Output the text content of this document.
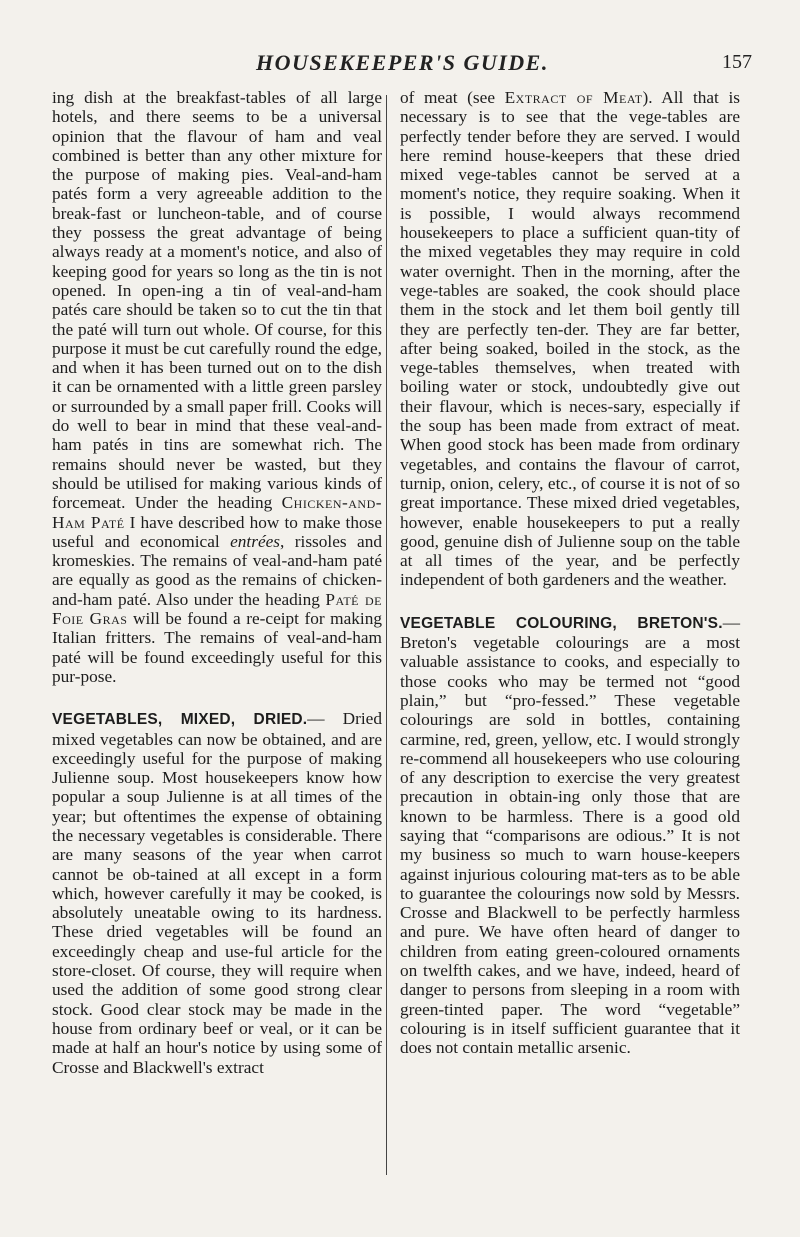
HOUSEKEEPER'S GUIDE.	157

ing dish at the breakfast-tables of all large hotels, and there seems to be a universal opinion that the flavour of ham and veal combined is better than any other mixture for the purpose of making pies. Veal-and-ham patés form a very agreeable addition to the break-fast or luncheon-table, and of course they possess the great advantage of being always ready at a moment's notice, and also of keeping good for years so long as the tin is not opened. In open-ing a tin of veal-and-ham patés care should be taken so to cut the tin that the paté will turn out whole. Of course, for this purpose it must be cut carefully round the edge, and when it has been turned out on to the dish it can be ornamented with a little green parsley or surrounded by a small paper frill. Cooks will do well to bear in mind that these veal-and-ham patés in tins are somewhat rich. The remains should never be wasted, but they should be utilised for making various kinds of forcemeat. Under the heading Chicken-and-Ham Paté I have described how to make those useful and economical entrées, rissoles and kromeskies. The remains of veal-and-ham paté are equally as good as the remains of chicken-and-ham paté. Also under the heading Paté de Foie Gras will be found a re-ceipt for making Italian fritters. The remains of veal-and-ham paté will be found exceedingly useful for this pur-pose.

VEGETABLES, MIXED, DRIED.— Dried mixed vegetables can now be obtained, and are exceedingly useful for the purpose of making Julienne soup. Most housekeepers know how popular a soup Julienne is at all times of the year; but oftentimes the expense of obtaining the necessary vegetables is considerable. There are many seasons of the year when carrot cannot be ob-tained at all except in a form which, however carefully it may be cooked, is absolutely uneatable owing to its hardness. These dried vegetables will be found an exceedingly cheap and use-ful article for the store-closet. Of course, they will require when used the addition of some good strong clear stock. Good clear stock may be made in the house from ordinary beef or veal, or it can be made at half an hour's notice by using some of Crosse and Blackwell's extract

of meat (see Extract of Meat). All that is necessary is to see that the vege-tables are perfectly tender before they are served. I would here remind house-keepers that these dried mixed vege-tables cannot be served at a moment's notice, they require soaking. When it is possible, I would always recommend housekeepers to place a sufficient quan-tity of the mixed vegetables they may require in cold water overnight. Then in the morning, after the vege-tables are soaked, the cook should place them in the stock and let them boil gently till they are perfectly ten-der. They are far better, after being soaked, boiled in the stock, as the vege-tables themselves, when treated with boiling water or stock, undoubtedly give out their flavour, which is neces-sary, especially if the soup has been made from extract of meat. When good stock has been made from ordinary vegetables, and contains the flavour of carrot, turnip, onion, celery, etc., of course it is not of so great importance. These mixed dried vegetables, however, enable housekeepers to put a really good, genuine dish of Julienne soup on the table at all times of the year, and be perfectly independent of both gardeners and the weather.

VEGETABLE COLOURING, BRETON'S.—Breton's vegetable colourings are a most valuable assistance to cooks, and especially to those cooks who may be termed not “good plain,” but “pro-fessed.” These vegetable colourings are sold in bottles, containing carmine, red, green, yellow, etc. I would strongly re-commend all housekeepers who use colouring of any description to exercise the very greatest precaution in obtain-ing only those that are known to be harmless. There is a good old saying that “comparisons are odious.” It is not my business so much to warn house-keepers against injurious colouring mat-ters as to be able to guarantee the colourings now sold by Messrs. Crosse and Blackwell to be perfectly harmless and pure. We have often heard of danger to children from eating green-coloured ornaments on twelfth cakes, and we have, indeed, heard of danger to persons from sleeping in a room with green-tinted paper. The word “vegetable” colouring is in itself sufficient guarantee that it does not contain metallic arsenic.
